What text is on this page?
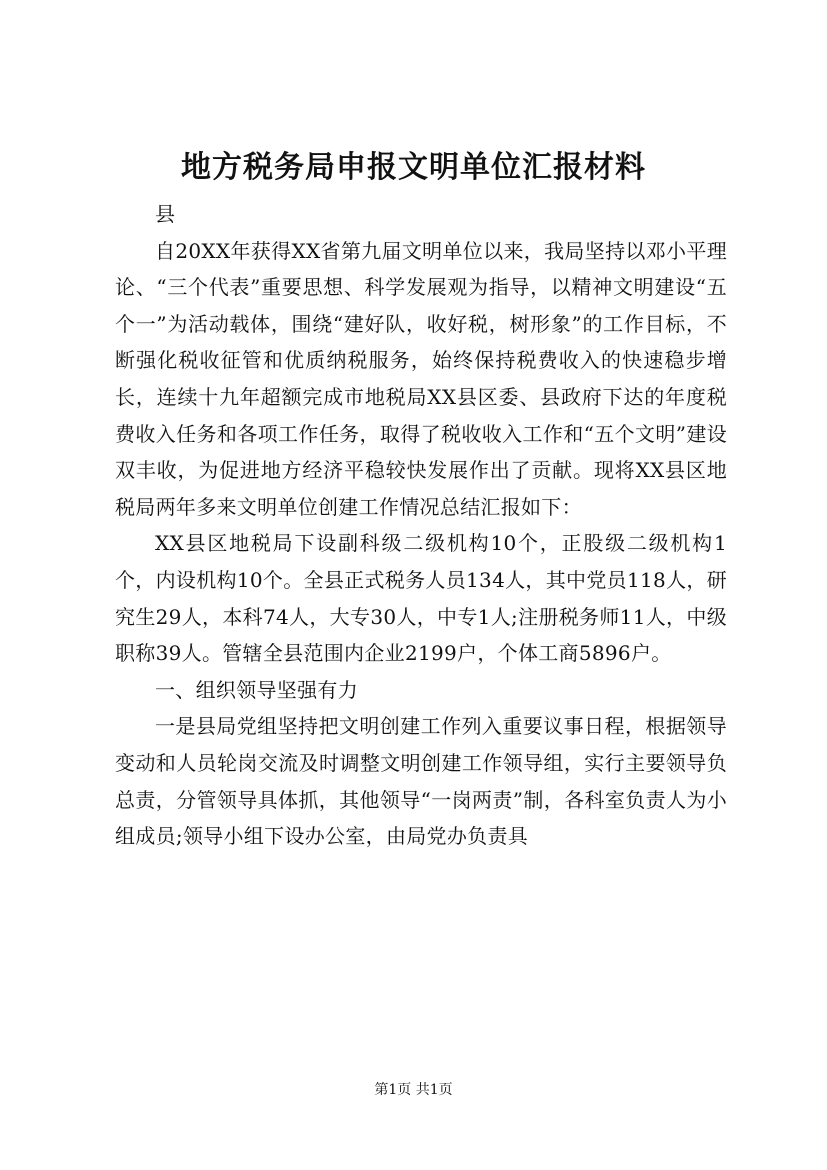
地方税务局申报文明单位汇报材料

县

自20XX年获得XX省第九届文明单位以来，我局坚持以邓小平理论、“三个代表”重要思想、科学发展观为指导，以精神文明建设“五个一”为活动载体，围绕“建好队，收好税，树形象”的工作目标，不断强化税收征管和优质纳税服务，始终保持税费收入的快速稳步增长，连续十九年超额完成市地税局XX县区委、县政府下达的年度税费收入任务和各项工作任务，取得了税收收入工作和“五个文明”建设双丰收，为促进地方经济平稳较快发展作出了贡献。现将XX县区地税局两年多来文明单位创建工作情况总结汇报如下：

XX县区地税局下设副科级二级机构10个，正股级二级机构1个，内设机构10个。全县正式税务人员134人，其中党员118人，研究生29人，本科74人，大专30人，中专1人;注册税务师11人，中级职称39人。管辖全县范围内企业2199户，个体工商5896户。

一、组织领导坚强有力

一是县局党组坚持把文明创建工作列入重要议事日程，根据领导变动和人员轮岗交流及时调整文明创建工作领导组，实行主要领导负总责，分管领导具体抓，其他领导“一岗两责”制，各科室负责人为小组成员;领导小组下设办公室，由局党办负责具

第1页 共1页
